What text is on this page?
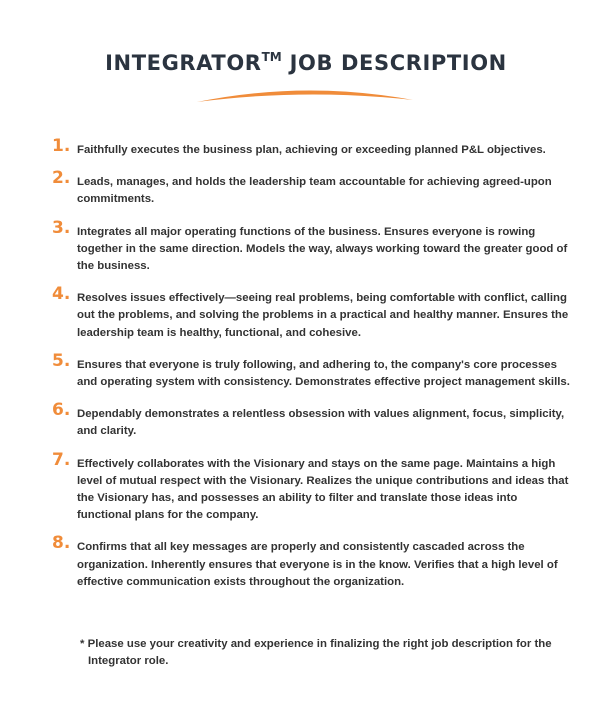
INTEGRATOR™ JOB DESCRIPTION
1. Faithfully executes the business plan, achieving or exceeding planned P&L objectives.
2. Leads, manages, and holds the leadership team accountable for achieving agreed-upon commitments.
3. Integrates all major operating functions of the business. Ensures everyone is rowing together in the same direction. Models the way, always working toward the greater good of the business.
4. Resolves issues effectively—seeing real problems, being comfortable with conflict, calling out the problems, and solving the problems in a practical and healthy manner. Ensures the leadership team is healthy, functional, and cohesive.
5. Ensures that everyone is truly following, and adhering to, the company's core processes and operating system with consistency. Demonstrates effective project management skills.
6. Dependably demonstrates a relentless obsession with values alignment, focus, simplicity, and clarity.
7. Effectively collaborates with the Visionary and stays on the same page. Maintains a high level of mutual respect with the Visionary. Realizes the unique contributions and ideas that the Visionary has, and possesses an ability to filter and translate those ideas into functional plans for the company.
8. Confirms that all key messages are properly and consistently cascaded across the organization. Inherently ensures that everyone is in the know. Verifies that a high level of effective communication exists throughout the organization.
* Please use your creativity and experience in finalizing the right job description for the Integrator role.
